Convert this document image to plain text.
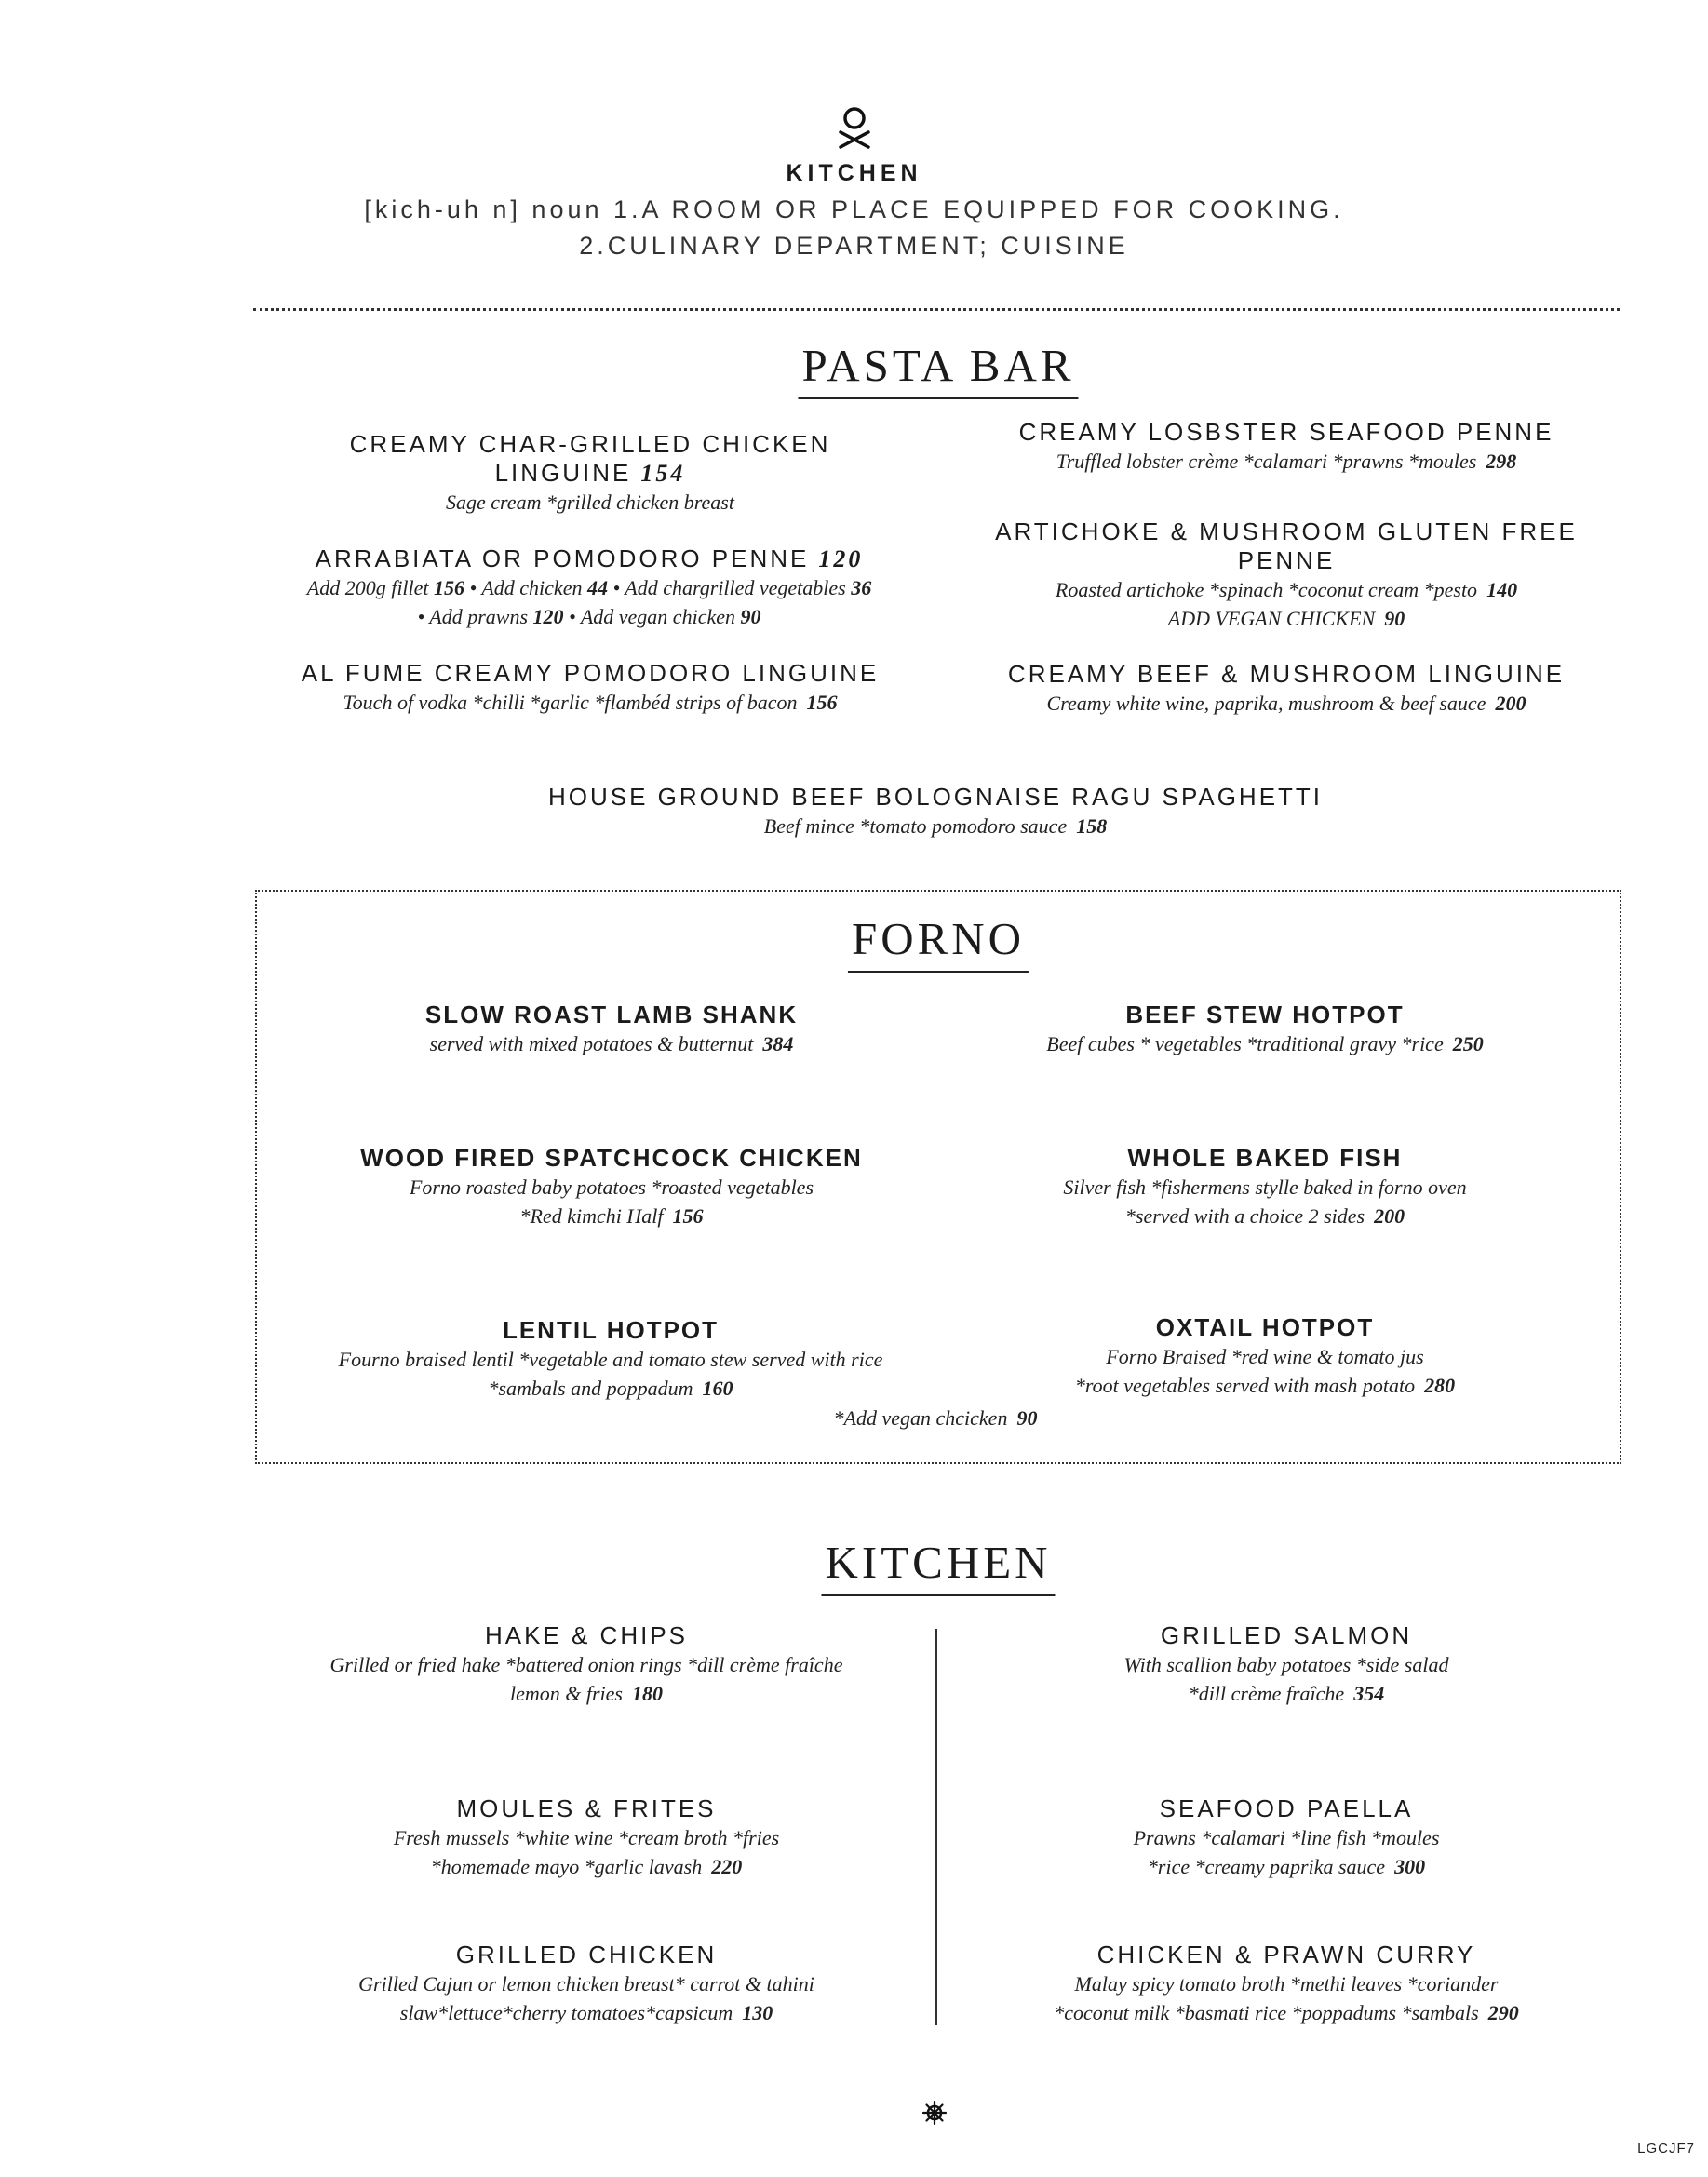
KITCHEN
[kich-uh n] noun 1.A ROOM OR PLACE EQUIPPED FOR COOKING.
2.CULINARY DEPARTMENT; CUISINE
PASTA BAR
CREAMY CHAR-GRILLED CHICKEN
LINGUINE 154
Sage cream *grilled chicken breast
CREAMY LOSBSTER SEAFOOD PENNE
Truffled lobster crème *calamari *prawns *moules 298
ARRABIATA OR POMODORO PENNE 120
Add 200g fillet 156 • Add chicken 44 • Add chargrilled vegetables 36
• Add prawns 120 • Add vegan chicken 90
ARTICHOKE & MUSHROOM GLUTEN FREE
PENNE
Roasted artichoke *spinach *coconut cream *pesto 140
ADD VEGAN CHICKEN 90
AL FUME CREAMY POMODORO LINGUINE
Touch of vodka *chilli *garlic *flambéd strips of bacon 156
CREAMY BEEF & MUSHROOM LINGUINE
Creamy white wine, paprika, mushroom & beef sauce 200
HOUSE GROUND BEEF BOLOGNAISE RAGU SPAGHETTI
Beef mince *tomato pomodoro sauce 158
FORNO
SLOW ROAST LAMB SHANK
served with mixed potatoes & butternut 384
BEEF STEW HOTPOT
Beef cubes * vegetables *traditional gravy *rice 250
WOOD FIRED SPATCHCOCK CHICKEN
Forno roasted baby potatoes *roasted vegetables
*Red kimchi Half 156
WHOLE BAKED FISH
Silver fish *fishermens stylle baked in forno oven
*served with a choice 2 sides 200
LENTIL HOTPOT
Fourno braised lentil *vegetable and tomato stew served with rice
*sambals and poppadum 160
OXTAIL HOTPOT
Forno Braised *red wine & tomato jus
*root vegetables served with mash potato 280
*Add vegan chcicken 90
KITCHEN
HAKE & CHIPS
Grilled or fried hake *battered onion rings *dill crème fraîche
lemon & fries 180
GRILLED SALMON
With scallion baby potatoes *side salad
*dill crème fraîche 354
MOULES & FRITES
Fresh mussels *white wine *cream broth *fries
*homemade mayo *garlic lavash 220
SEAFOOD PAELLA
Prawns *calamari *line fish *moules
*rice *creamy paprika sauce 300
GRILLED CHICKEN
Grilled Cajun or lemon chicken breast* carrot & tahini
slaw*lettuce*cherry tomatoes*capsicum 130
CHICKEN & PRAWN CURRY
Malay spicy tomato broth *methi leaves *coriander
*coconut milk *basmati rice *poppadums *sambals 290
LGCJF7
